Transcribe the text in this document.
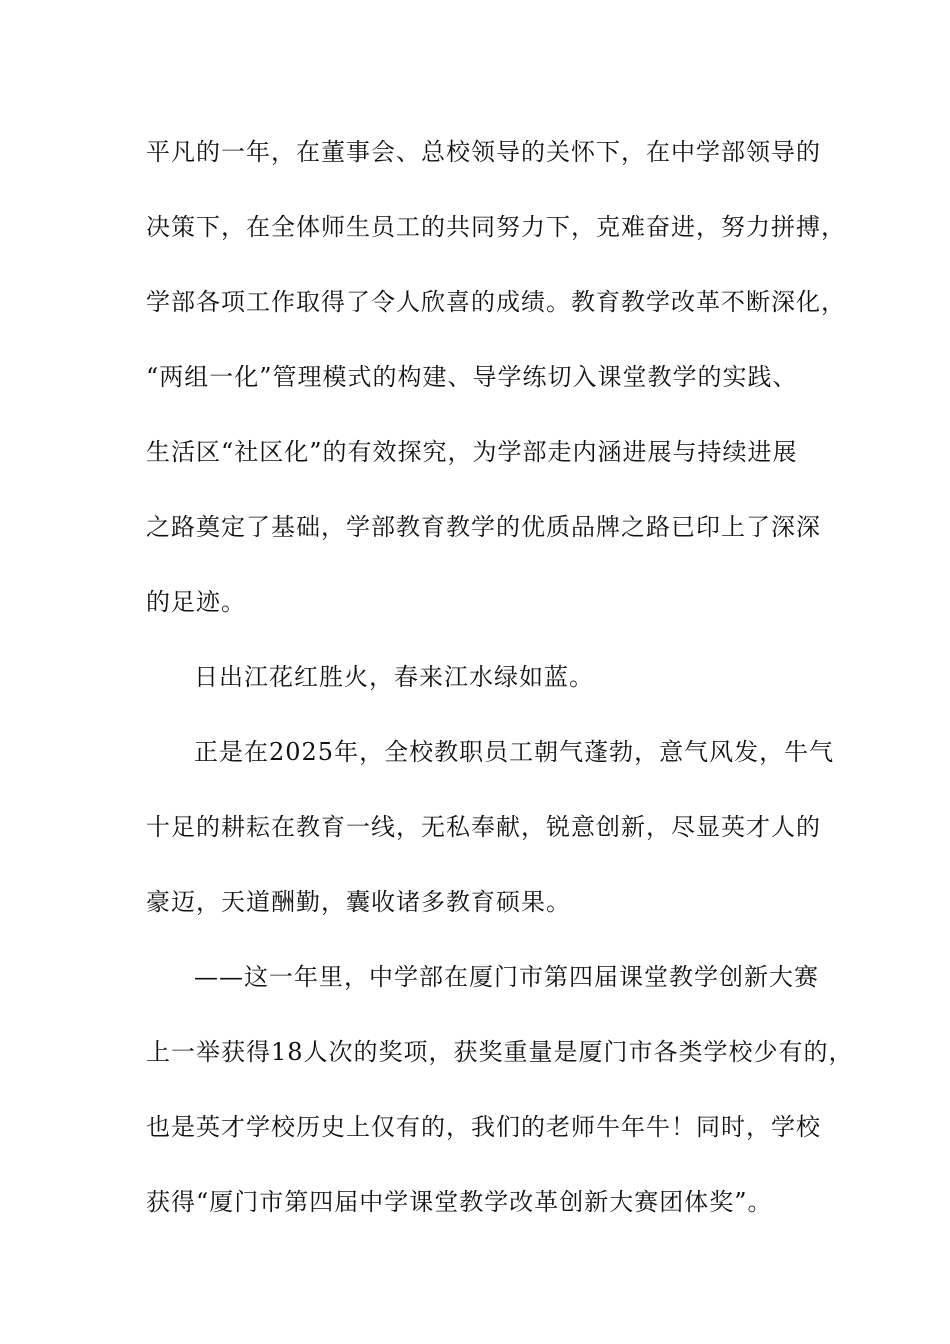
平凡的一年，在董事会、总校领导的关怀下，在中学部领导的
决策下，在全体师生员工的共同努力下，克难奋进，努力拼搏，
学部各项工作取得了令人欣喜的成绩。教育教学改革不断深化，
“两组一化”管理模式的构建、导学练切入课堂教学的实践、
生活区“社区化”的有效探究，为学部走内涵进展与持续进展
之路奠定了基础，学部教育教学的优质品牌之路已印上了深深
的足迹。
日出江花红胜火，春来江水绿如蓝。
正是在2025年，全校教职员工朝气蓬勃，意气风发，牛气
十足的耕耘在教育一线，无私奉献，锐意创新，尽显英才人的
豪迈，天道酬勤，囊收诸多教育硕果。
——这一年里，中学部在厦门市第四届课堂教学创新大赛
上一举获得18人次的奖项，获奖重量是厦门市各类学校少有的，
也是英才学校历史上仅有的，我们的老师牛年牛！同时，学校
获得“厦门市第四届中学课堂教学改革创新大赛团体奖”。
